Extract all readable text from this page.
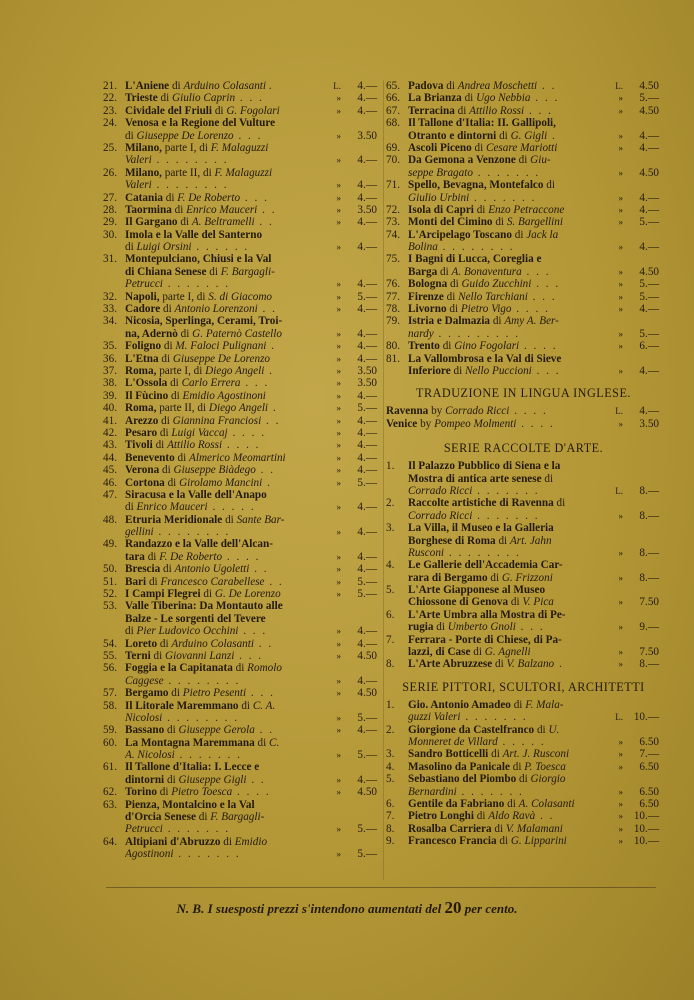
21. L'Aniene di Arduino Colasanti .	L.	4.—
22. Trieste di Giulio Caprin . . .	»	4.—
23. Cividale del Friuli di G. Fogolari	»	4.—
24. Venosa e la Regione del Vulture
di Giuseppe De Lorenzo . . .	»	3.50
25. Milano, parte I, di F. Malaguzzi
Valeri . . . . . . . .	»	4.—
26. Milano, parte II, di F. Malaguzzi
Valeri . . . . . . . .	»	4.—
27. Catania di F. De Roberto . . .	»	4.—
28. Taormina di Enrico Mauceri . .	»	3.50
29. Il Gargano di A. Beltramelli . .	»	4.—
30. Imola e la Valle del Santerno
di Luigi Orsini . . . . . .	»	4.—
31. Montepulciano, Chiusi e la Val
di Chiana Senese di F. Bargagli-
Petrucci . . . . . . .	»	4.—
32. Napoli, parte I, di S. di Giacomo	»	5.—
33. Cadore di Antonio Lorenzoni . .	»	4.—
34. Nicosia, Sperlinga, Cerami, Troi-
na, Adernò di G. Paternò Castello	»	4.—
35. Foligno di M. Faloci Pulignani .	»	4.—
36. L'Etna di Giuseppe De Lorenzo	»	4.—
37. Roma, parte I, di Diego Angeli .	»	3.50
38. L'Ossola di Carlo Errera . . .	»	3.50
39. Il Fùcino di Emidio Agostinoni	»	4.—
40. Roma, parte II, di Diego Angeli .	»	5.—
41. Arezzo di Giannina Franciosi . .	»	4.—
42. Pesaro di Luigi Vaccaj . . . .	»	4.—
43. Tivoli di Attilio Rossi . . . .	»	4.—
44. Benevento di Almerico Meomartini	»	4.—
45. Verona di Giuseppe Biàdego . .	»	4.—
46. Cortona di Girolamo Mancini .	»	5.—
47. Siracusa e la Valle dell'Anapo
di Enrico Mauceri . . . . .	»	4.—
48. Etruria Meridionale di Sante Bar-
gellini . . . . . . . .	»	4.—
49. Randazzo e la Valle dell'Alcan-
tara di F. De Roberto . . . .	»	4.—
50. Brescia di Antonio Ugoletti . .	»	4.—
51. Bari di Francesco Carabellese . .	»	5.—
52. I Campi Flegrei di G. De Lorenzo	»	5.—
53. Valle Tiberina: Da Montauto alle
Balze - Le sorgenti del Tevere
di Pier Ludovico Occhini . . .	»	4.—
54. Loreto di Arduino Colasanti . .	»	4.—
55. Terni di Giovanni Lanzi . . .	»	4.50
56. Foggia e la Capitanata di Romolo
Caggese . . . . . . . .	»	4.—
57. Bergamo di Pietro Pesenti . . .	»	4.50
58. Il Litorale Maremmano di C. A.
Nicolosi . . . . . . . .	»	5.—
59. Bassano di Giuseppe Gerola . .	»	4.—
60. La Montagna Maremmana di C.
A. Nicolosi . . . . . . .	»	5.—
61. Il Tallone d'Italia: I. Lecce e
dintorni di Giuseppe Gigli . .	»	4.—
62. Torino di Pietro Toesca . . . .	»	4.50
63. Pienza, Montalcino e la Val
d'Orcia Senese di F. Bargagli-
Petrucci . . . . . . .	»	5.—
64. Altipiani d'Abruzzo di Emidio
Agostinoni . . . . . . .	»	5.—
65. Padova di Andrea Moschetti . .	L.	4.50
66. La Brianza di Ugo Nebbia . . .	»	5.—
67. Terracina di Attilio Rossi . . .	»	4.50
68. Il Tallone d'Italia: II. Gallipoli,
Otranto e dintorni di G. Gigli .	»	4.—
69. Ascoli Piceno di Cesare Mariotti	»	4.—
70. Da Gemona a Venzone di Giu-
seppe Bragato . . . . . . .	»	4.50
71. Spello, Bevagna, Montefalco di
Giulio Urbini . . . . . . .	»	4.—
72. Isola di Capri di Enzo Petraccone	»	4.—
73. Monti del Cimino di S. Bargellini	»	5.—
74. L'Arcipelago Toscano di Jack la
Bolina . . . . . . . .	»	4.—
75. I Bagni di Lucca, Coreglia e
Barga di A. Bonaventura . . .	»	4.50
76. Bologna di Guido Zucchini . . .	»	5.—
77. Firenze di Nello Tarchiani . . .	»	5.—
78. Livorno di Pietro Vigo . . . .	»	4.—
79. Istria e Dalmazia di Amy A. Ber-
nardy . . . . . . . . .	»	5.—
80. Trento di Gino Fogolari . . . .	»	6.—
81. La Vallombrosa e la Val di Sieve
Inferiore di Nello Puccioni . . .	»	4.—
TRADUZIONE IN LINGUA INGLESE.
Ravenna by Corrado Ricci . . . .	L.	4.—
Venice by Pompeo Molmenti . . . .	»	3.50
SERIE RACCOLTE D'ARTE.
1.	Il Palazzo Pubblico di Siena e la
Mostra di antica arte senese di
Corrado Ricci . . . . . . .	L.	8.—
2.	Raccolte artistiche di Ravenna di
Corrado Ricci . . . . . . .	»	8.—
3.	La Villa, il Museo e la Galleria
Borghese di Roma di Art. Jahn
Rusconi . . . . . . . .	»	8.—
4.	Le Gallerie dell'Accademia Car-
rara di Bergamo di G. Frizzoni	»	8.—
5.	L'Arte Giapponese al Museo
Chiossone di Genova di V. Pica	»	7.50
6.	L'Arte Umbra alla Mostra di Pe-
rugia di Umberto Gnoli . . .	»	9.—
7.	Ferrara - Porte di Chiese, di Pa-
lazzi, di Case di G. Agnelli	»	7.50
8.	L'Arte Abruzzese di V. Balzano .	»	8.—
SERIE PITTORI, SCULTORI, ARCHITETTI
1.	Gio. Antonio Amadeo di F. Mala-
guzzi Valeri . . . . . . .	L. 10.—
2.	Giorgione da Castelfranco di U.
Monneret de Villard . . . . .	»	6.50
3.	Sandro Botticelli di Art. J. Rusconi	»	7.—
4.	Masolino da Panicale di P. Toesca	»	6.50
5.	Sebastiano del Piombo di Giorgio
Bernardini . . . . . . .	»	6.50
6.	Gentile da Fabriano di A. Colasanti	»	6.50
7.	Pietro Longhi di Aldo Ravà . .	» 10.—
8.	Rosalba Carriera di V. Malamani	» 10.—
9.	Francesco Francia di G. Lipparini	» 10.—
N. B. I suesposti prezzi s'intendono aumentati del 20 per cento.
